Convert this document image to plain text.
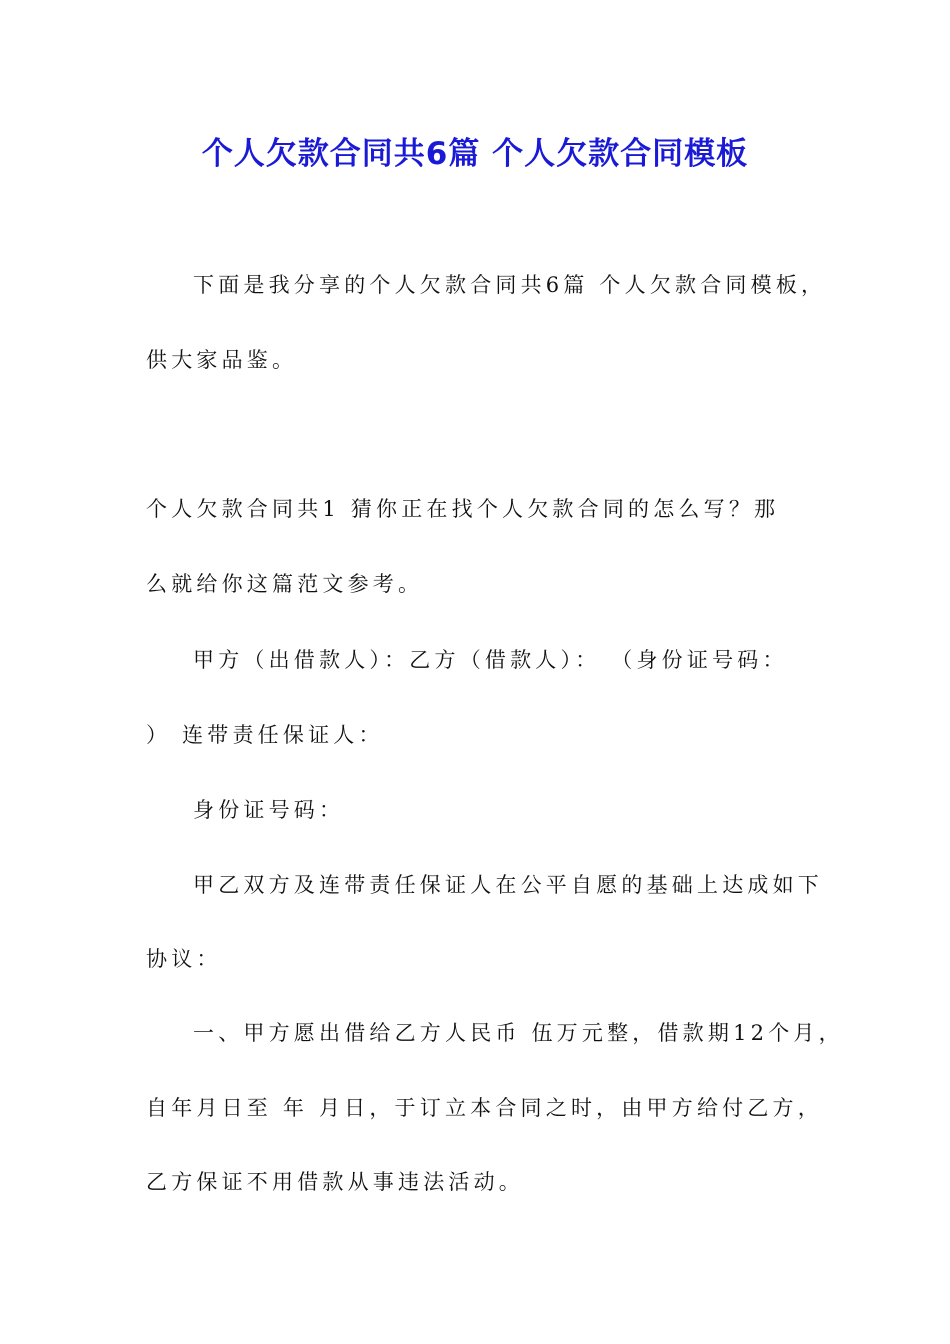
个人欠款合同共6篇 个人欠款合同模板
下面是我分享的个人欠款合同共6篇 个人欠款合同模板，
供大家品鉴。
个人欠款合同共1 猜你正在找个人欠款合同的怎么写？那
么就给你这篇范文参考。
甲方（出借款人）：乙方（借款人）： （身份证号码：
） 连带责任保证人：
身份证号码：
甲乙双方及连带责任保证人在公平自愿的基础上达成如下
协议：
一、甲方愿出借给乙方人民币 伍万元整，借款期12个月，
自年月日至 年 月日，于订立本合同之时，由甲方给付乙方，
乙方保证不用借款从事违法活动。
